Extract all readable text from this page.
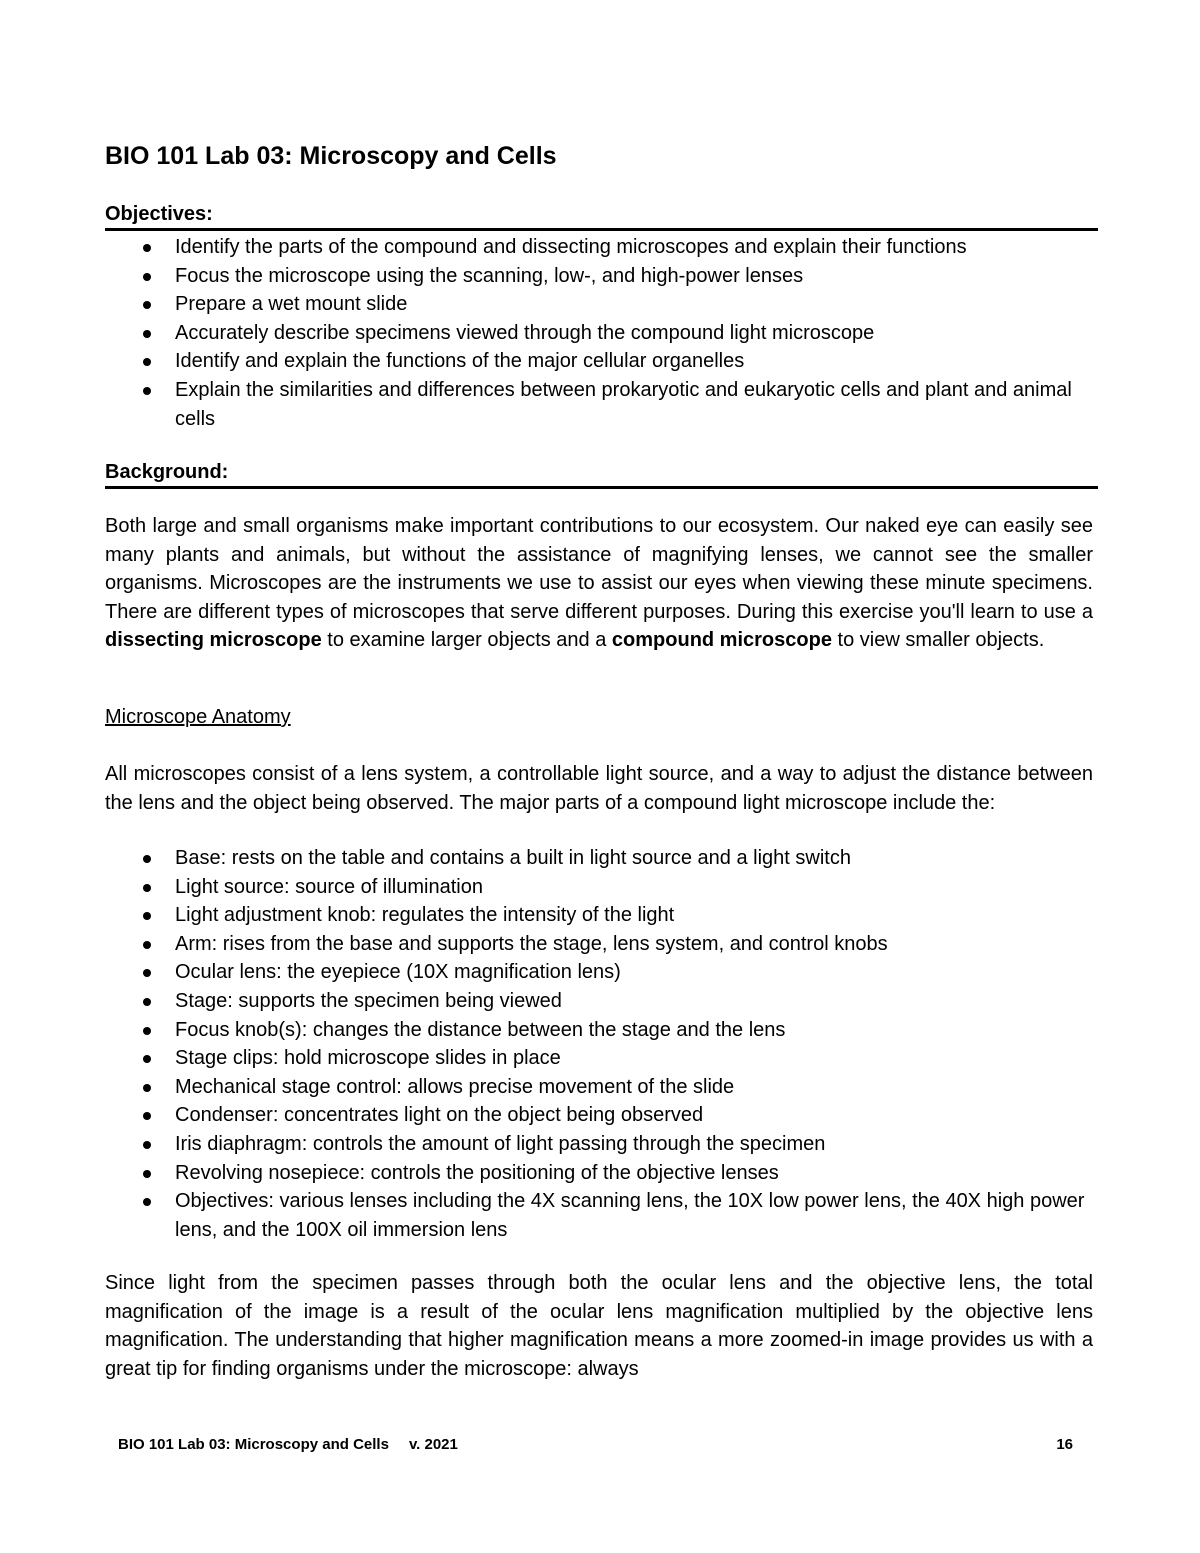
BIO 101 Lab 03: Microscopy and Cells
Objectives:
Identify the parts of the compound and dissecting microscopes and explain their functions
Focus the microscope using the scanning, low-, and high-power lenses
Prepare a wet mount slide
Accurately describe specimens viewed through the compound light microscope
Identify and explain the functions of the major cellular organelles
Explain the similarities and differences between prokaryotic and eukaryotic cells and plant and animal cells
Background:

Both large and small organisms make important contributions to our ecosystem. Our naked eye can easily see many plants and animals, but without the assistance of magnifying lenses, we cannot see the smaller organisms. Microscopes are the instruments we use to assist our eyes when viewing these minute specimens. There are different types of microscopes that serve different purposes. During this exercise you'll learn to use a dissecting microscope to examine larger objects and a compound microscope to view smaller objects.

Microscope Anatomy

All microscopes consist of a lens system, a controllable light source, and a way to adjust the distance between the lens and the object being observed. The major parts of a compound light microscope include the:

Base: rests on the table and contains a built in light source and a light switch
Light source: source of illumination
Light adjustment knob: regulates the intensity of the light
Arm: rises from the base and supports the stage, lens system, and control knobs
Ocular lens: the eyepiece (10X magnification lens)
Stage: supports the specimen being viewed
Focus knob(s): changes the distance between the stage and the lens
Stage clips: hold microscope slides in place
Mechanical stage control: allows precise movement of the slide
Condenser: concentrates light on the object being observed
Iris diaphragm: controls the amount of light passing through the specimen
Revolving nosepiece: controls the positioning of the objective lenses
Objectives: various lenses including the 4X scanning lens, the 10X low power lens, the 40X high power lens, and the 100X oil immersion lens

Since light from the specimen passes through both the ocular lens and the objective lens, the total magnification of the image is a result of the ocular lens magnification multiplied by the objective lens magnification. The understanding that higher magnification means a more zoomed-in image provides us with a great tip for finding organisms under the microscope: always

BIO 101 Lab 03: Microscopy and Cells v. 2021	16
